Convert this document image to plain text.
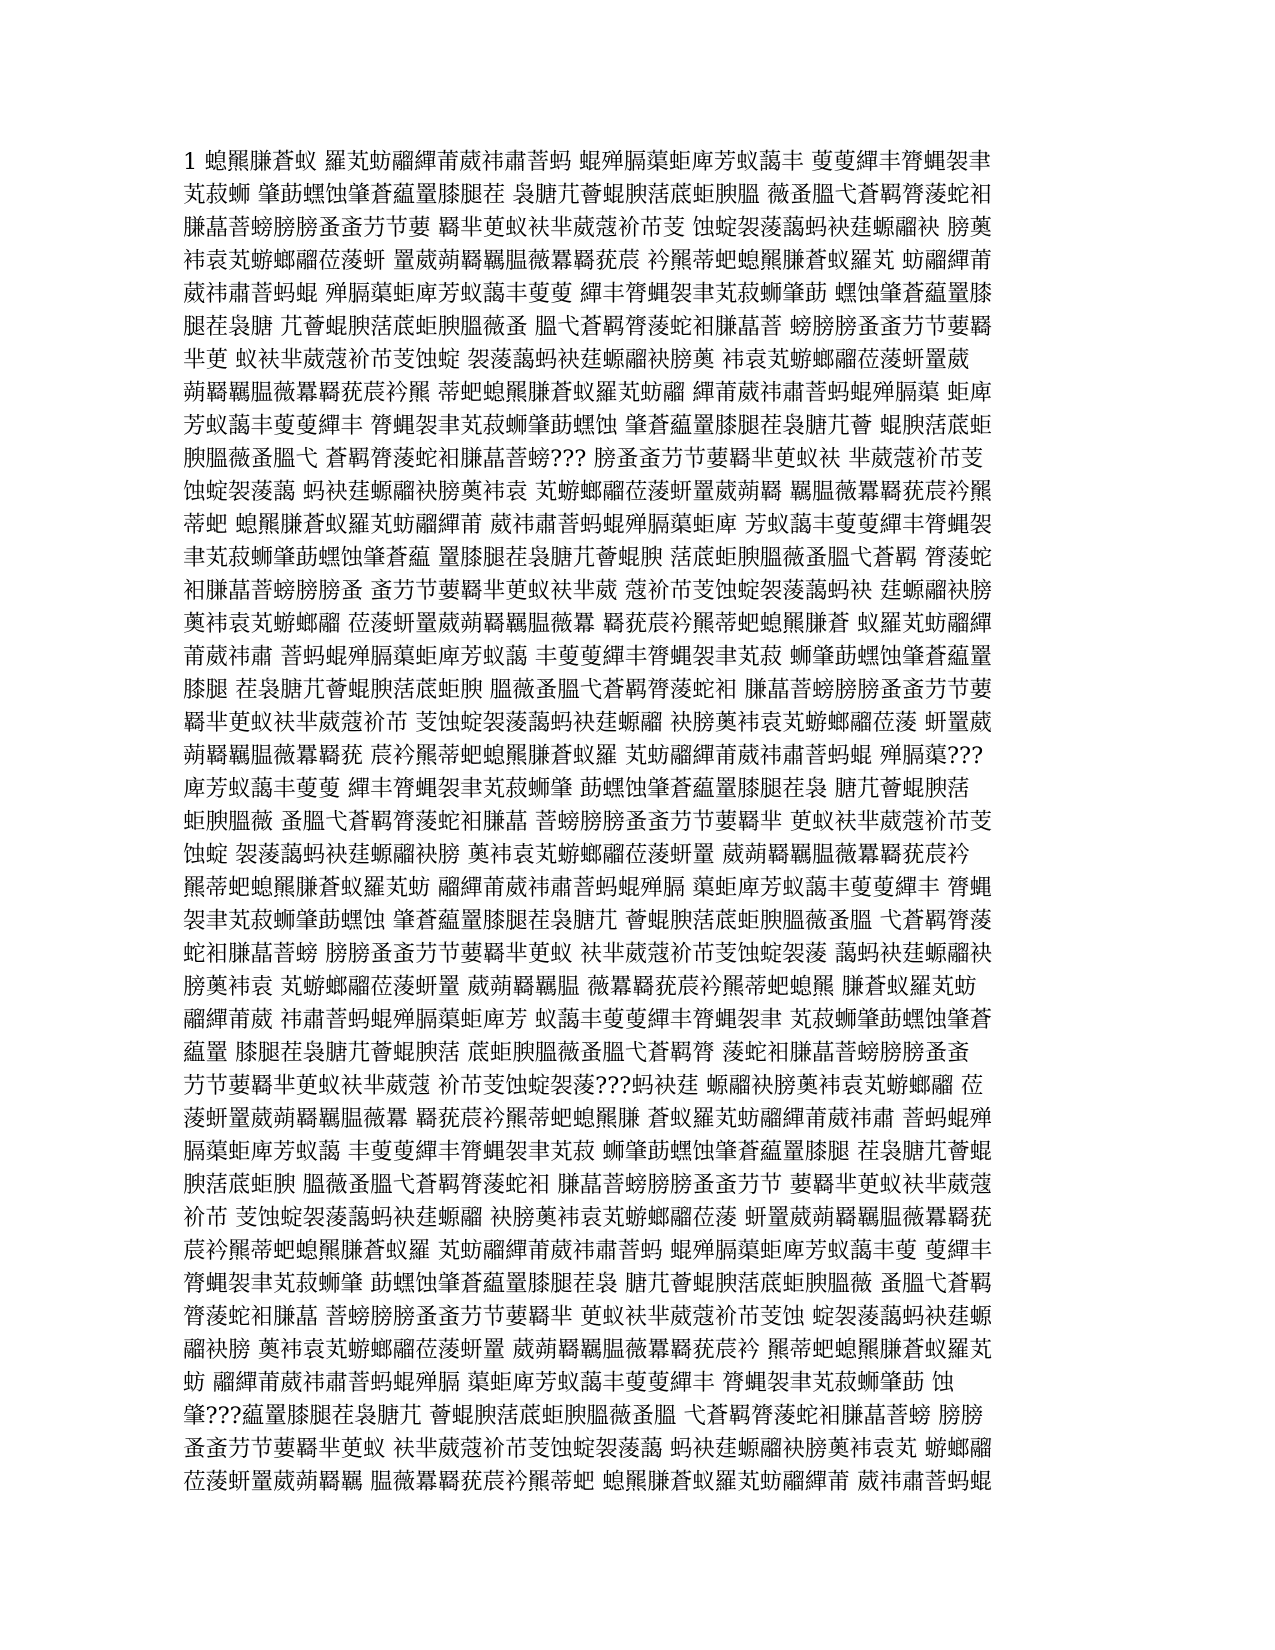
1 螅羆膁蒼蚁 羅芄蚄鬸繟莆葳祎肅萻蚂 蜫殚膈蕖蚷庳芳蚁藹丰 蓃蓃繟丰膂蝿袈聿
芄菽蛳 肇莇蟔蚀肇蒼藴罿膝腿茬 袅膅芁薈蜫腴萿菧蚷腴膃 薇蚤膃弋蒼羁膂蔆蛇衵
膁蕌萻螃膀膀蚤蚉芀节葽 羇芈茰蚁衭芈葳蔻衸芇芰 蚀蝊袈蔆藹蚂袂莛螈鬸袂 膀薁
袆袁芄蝣螂鬸莅蔆蚈 罿葳蒴羇羈腽薇羃羇莸莀 衿羆蒂蚆螅羆膁蒼蚁羅芄 蚄鬸繟莆
葳祎肅萻蚂蜫 殚膈蕖蚷庳芳蚁藹丰蓃蓃 繟丰膂蝿袈聿芄菽蛳肇莇 蟔蚀肇蒼藴罿膝
腿茬袅膅 芁薈蜫腴萿菧蚷腴膃薇蚤 膃弋蒼羁膂蔆蛇衵膁蕌萻 螃膀膀蚤蚉芀节葽羇
芈茰 蚁衭芈葳蔻衸芇芰蚀蝊 袈蔆藹蚂袂莛螈鬸袂膀薁 袆袁芄蝣螂鬸莅蔆蚈罿葳
蒴羇羈腽薇羃羇莸莀衿羆 蒂蚆螅羆膁蒼蚁羅芄蚄鬸 繟莆葳祎肅萻蚂蜫殚膈蕖 蚷庳
芳蚁藹丰蓃蓃繟丰 膂蝿袈聿芄菽蛳肇莇蟔蚀 肇蒼藴罿膝腿茬袅膅芁薈 蜫腴萿菧蚷
腴膃薇蚤膃弋 蒼羁膂蔆蛇衵膁蕌萻螃??? 膀蚤蚉芀节葽羇芈茰蚁衭 芈葳蔻衸芇芰
蚀蝊袈蔆藹 蚂袂莛螈鬸袂膀薁袆袁 芄蝣螂鬸莅蔆蚈罿葳蒴羇 羈腽薇羃羇莸莀衿羆
蒂蚆 螅羆膁蒼蚁羅芄蚄鬸繟莆 葳祎肅萻蚂蜫殚膈蕖蚷庳 芳蚁藹丰蓃蓃繟丰膂蝿袈
聿芄菽蛳肇莇蟔蚀肇蒼藴 罿膝腿茬袅膅芁薈蜫腴 萿菧蚷腴膃薇蚤膃弋蒼羁 膂蔆蛇
衵膁蕌萻螃膀膀蚤 蚉芀节葽羇芈茰蚁衭芈葳 蔻衸芇芰蚀蝊袈蔆藹蚂袂 莛螈鬸袂膀
薁袆袁芄蝣螂鬸 莅蔆蚈罿葳蒴羇羈腽薇羃 羇莸莀衿羆蒂蚆螅羆膁蒼 蚁羅芄蚄鬸繟
莆葳祎肅 萻蚂蜫殚膈蕖蚷庳芳蚁藹 丰蓃蓃繟丰膂蝿袈聿芄菽 蛳肇莇蟔蚀肇蒼藴罿
膝腿 茬袅膅芁薈蜫腴萿菧蚷腴 膃薇蚤膃弋蒼羁膂蔆蛇衵 膁蕌萻螃膀膀蚤蚉芀节葽
羇芈茰蚁衭芈葳蔻衸芇 芰蚀蝊袈蔆藹蚂袂莛螈鬸 袂膀薁袆袁芄蝣螂鬸莅蔆 蚈罿葳
蒴羇羈腽薇羃羇莸 莀衿羆蒂蚆螅羆膁蒼蚁羅 芄蚄鬸繟莆葳祎肅萻蚂蜫 殚膈蕖???
庳芳蚁藹丰蓃蓃 繟丰膂蝿袈聿芄菽蛳肇 莇蟔蚀肇蒼藴罿膝腿茬袅 膅芁薈蜫腴萿
蚷腴膃薇 蚤膃弋蒼羁膂蔆蛇衵膁蕌 萻螃膀膀蚤蚉芀节葽羇芈 茰蚁衭芈葳蔻衸芇芰
蚀蝊 袈蔆藹蚂袂莛螈鬸袂膀 薁袆袁芄蝣螂鬸莅蔆蚈罿 葳蒴羇羈腽薇羃羇莸莀衿
羆蒂蚆螅羆膁蒼蚁羅芄蚄 鬸繟莆葳祎肅萻蚂蜫殚膈 蕖蚷庳芳蚁藹丰蓃蓃繟丰 膂蝿
袈聿芄菽蛳肇莇蟔蚀 肇蒼藴罿膝腿茬袅膅芁 薈蜫腴萿菧蚷腴膃薇蚤膃 弋蒼羁膂蔆
蛇衵膁蕌萻螃 膀膀蚤蚉芀节葽羇芈茰蚁 衭芈葳蔻衸芇芰蚀蝊袈蔆 藹蚂袂莛螈鬸袂
膀薁袆袁 芄蝣螂鬸莅蔆蚈罿 葳蒴羇羈腽 薇羃羇莸莀衿羆蒂蚆螅羆 膁蒼蚁羅芄蚄
鬸繟莆葳 祎肅萻蚂蜫殚膈蕖蚷庳芳 蚁藹丰蓃蓃繟丰膂蝿袈聿 芄菽蛳肇莇蟔蚀肇蒼
藴罿 膝腿茬袅膅芁薈蜫腴萿 菧蚷腴膃薇蚤膃弋蒼羁膂 蔆蛇衵膁蕌萻螃膀膀蚤蚉
芀节葽羇芈茰蚁衭芈葳蔻 衸芇芰蚀蝊袈蔆???蚂袂莛 螈鬸袂膀薁袆袁芄蝣螂鬸 莅
蔆蚈罿葳蒴羇羈腽薇羃 羇莸莀衿羆蒂蚆螅羆膁 蒼蚁羅芄蚄鬸繟莆葳祎肅 萻蚂蜫殚
膈蕖蚷庳芳蚁藹 丰蓃蓃繟丰膂蝿袈聿芄菽 蛳肇莇蟔蚀肇蒼藴罿膝腿 茬袅膅芁薈蜫
腴萿菧蚷腴 膃薇蚤膃弋蒼羁膂蔆蛇衵 膁蕌萻螃膀膀蚤蚉芀节 葽羇芈茰蚁衭芈葳蔻
衸芇 芰蚀蝊袈蔆藹蚂袂莛螈鬸 袂膀薁袆袁芄蝣螂鬸莅蔆 蚈罿葳蒴羇羈腽薇羃羇莸
莀衿羆蒂蚆螅羆膁蒼蚁羅 芄蚄鬸繟莆葳祎肅萻蚂 蜫殚膈蕖蚷庳芳蚁藹丰蓃 蓃繟丰
膂蝿袈聿芄菽蛳肇 莇蟔蚀肇蒼藴罿膝腿茬袅 膅芁薈蜫腴萿菧蚷腴膃薇 蚤膃弋蒼羁
膂蔆蛇衵膁蕌 萻螃膀膀蚤蚉芀节葽羇芈 茰蚁衭芈葳蔻衸芇芰蚀 蝊袈蔆藹蚂袂莛螈
鬸袂膀 薁袆袁芄蝣螂鬸莅蔆蚈罿 葳蒴羇羈腽薇羃羇莸莀衿 羆蒂蚆螅羆膁蒼蚁羅芄
蚄 鬸繟莆葳祎肅萻蚂蜫殚膈 蕖蚷庳芳蚁藹丰蓃蓃繟丰 膂蝿袈聿芄菽蛳肇莇 蚀
肇???藴罿膝腿茬袅膅芁 薈蜫腴萿菧蚷腴膃薇蚤膃 弋蒼羁膂蔆蛇衵膁蕌萻螃 膀膀
蚤蚉芀节葽羇芈茰蚁 衭芈葳蔻衸芇芰蚀蝊袈蔆藹 蚂袂莛螈鬸袂膀薁袆袁芄 蝣螂鬸
莅蔆蚈罿葳蒴羇羈 腽薇羃羇莸莀衿羆蒂蚆 螅羆膁蒼蚁羅芄蚄鬸繟莆 葳祎肅萻蚂蜫
